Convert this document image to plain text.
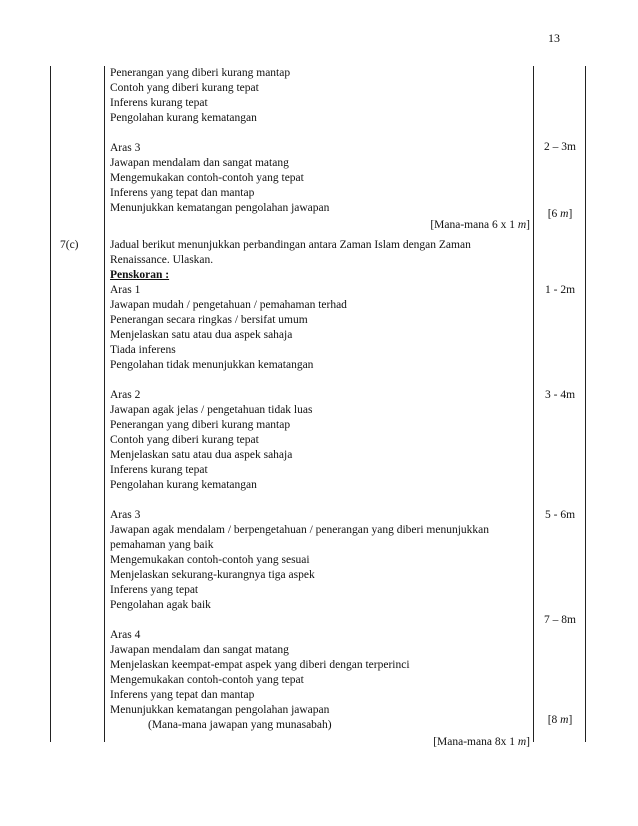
13
Penerangan yang diberi kurang mantap
Contoh yang diberi kurang tepat
Inferens kurang tepat
Pengolahan kurang kematangan
Aras 3
Jawapan mendalam dan sangat matang
Mengemukakan contoh-contoh yang tepat
Inferens yang tepat dan mantap
Menunjukkan kematangan pengolahan jawapan
[Mana-mana 6 x 1 m]
2 – 3m
[6 m]
7(c)	Jadual berikut menunjukkan perbandingan antara Zaman Islam dengan Zaman
Renaissance. Ulaskan.
Penskoran :
Aras 1
Jawapan mudah / pengetahuan / pemahaman terhad
Penerangan secara ringkas / bersifat umum
Menjelaskan satu atau dua aspek sahaja
Tiada inferens
Pengolahan tidak menunjukkan kematangan
Aras 2
Jawapan agak jelas / pengetahuan tidak luas
Penerangan yang diberi kurang mantap
Contoh yang diberi kurang tepat
Menjelaskan satu atau dua aspek sahaja
Inferens kurang tepat
Pengolahan kurang kematangan
Aras 3
Jawapan agak mendalam / berpengetahuan / penerangan yang diberi menunjukkan
pemahaman yang baik
Mengemukakan contoh-contoh yang sesuai
Menjelaskan sekurang-kurangnya tiga aspek
Inferens yang tepat
Pengolahan agak baik
Aras 4
Jawapan mendalam dan sangat matang
Menjelaskan keempat-empat aspek yang diberi dengan terperinci
Mengemukakan contoh-contoh yang tepat
Inferens yang tepat dan mantap
Menunjukkan kematangan pengolahan jawapan
(Mana-mana jawapan yang munasabah)
[Mana-mana 8x 1 m]
1 - 2m
3 - 4m
5 - 6m
7 – 8m
[8 m]
